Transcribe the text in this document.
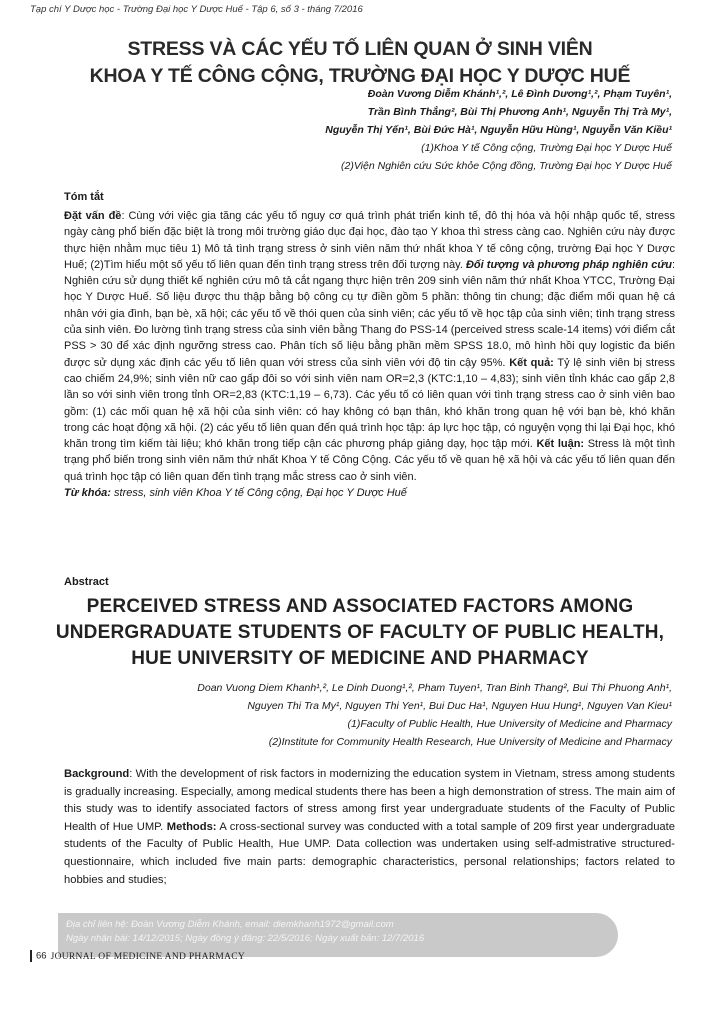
Tạp chí Y Dược học - Trường Đại học Y Dược Huế - Tập 6, số 3 - tháng 7/2016
STRESS VÀ CÁC YẾU TỐ LIÊN QUAN Ở SINH VIÊN
KHOA Y TẾ CÔNG CỘNG, TRƯỜNG ĐẠI HỌC Y DƯỢC HUẾ
Đoàn Vương Diễm Khánh¹,², Lê Đình Dương¹,², Phạm Tuyên¹,
Trần Bình Thắng², Bùi Thị Phương Anh¹, Nguyễn Thị Trà My¹,
Nguyễn Thị Yến¹, Bùi Đức Hà¹, Nguyễn Hữu Hùng¹, Nguyễn Văn Kiều¹
(1)Khoa Y tế Công cộng, Trường Đại học Y Dược Huế
(2)Viện Nghiên cứu Sức khỏe Cộng đồng, Trường Đại học Y Dược Huế
Tóm tắt
Đặt vấn đề: Cùng với việc gia tăng các yếu tố nguy cơ quá trình phát triển kinh tế, đô thị hóa và hội nhập quốc tế, stress ngày càng phổ biến đặc biệt là trong môi trường giáo dục đại học, đào tạo Y khoa thì stress càng cao. Nghiên cứu này được thực hiện nhằm mục tiêu 1) Mô tả tình trạng stress ở sinh viên năm thứ nhất khoa Y tế công cộng, trường Đại học Y Dược Huế; (2)Tìm hiểu một số yếu tố liên quan đến tình trạng stress trên đối tượng này. Đối tượng và phương pháp nghiên cứu: Nghiên cứu sử dụng thiết kế nghiên cứu mô tả cắt ngang thực hiện trên 209 sinh viên năm thứ nhất Khoa YTCC, Trường Đại học Y Dược Huế. Số liệu được thu thập bằng bộ công cụ tự điền gồm 5 phần: thông tin chung; đặc điểm mối quan hệ cá nhân với gia đình, bạn bè, xã hội; các yếu tố về thói quen của sinh viên; các yếu tố về học tập của sinh viên; tình trạng stress của sinh viên. Đo lường tình trạng stress của sinh viên bằng Thang đo PSS-14 (perceived stress scale-14 items) với điểm cắt PSS > 30 để xác định ngưỡng stress cao. Phân tích số liệu bằng phần mềm SPSS 18.0, mô hình hồi quy logistic đa biến được sử dụng xác định các yếu tố liên quan với stress của sinh viên với độ tin cậy 95%. Kết quả: Tỷ lệ sinh viên bị stress cao chiếm 24,9%; sinh viên nữ cao gấp đôi so với sinh viên nam OR=2,3 (KTC:1,10 – 4,83); sinh viên tỉnh khác cao gấp 2,8 lần so với sinh viên trong tỉnh OR=2,83 (KTC:1,19 – 6,73). Các yếu tố có liên quan với tình trạng stress cao ở sinh viên bao gồm: (1) các mối quan hệ xã hội của sinh viên: có hay không có bạn thân, khó khăn trong quan hệ với bạn bè, khó khăn trong các hoạt động xã hội. (2) các yếu tố liên quan đến quá trình học tập: áp lực học tập, có nguyện vọng thi lại Đại học, khó khăn trong tìm kiếm tài liệu; khó khăn trong tiếp cận các phương pháp giảng dạy, học tập mới. Kết luận: Stress là một tình trạng phổ biến trong sinh viên năm thứ nhất Khoa Y tế Công Cộng. Các yếu tố về quan hệ xã hội và các yếu tố liên quan đến quá trình học tập có liên quan đến tình trạng mắc stress cao ở sinh viên.
Từ khóa: stress, sinh viên Khoa Y tế Công cộng, Đại học Y Dược Huế
Abstract
PERCEIVED STRESS AND ASSOCIATED FACTORS AMONG
UNDERGRADUATE STUDENTS OF FACULTY OF PUBLIC HEALTH,
HUE UNIVERSITY OF MEDICINE AND PHARMACY
Doan Vuong Diem Khanh¹,², Le Dinh Duong¹,², Pham Tuyen¹, Tran Binh Thang², Bui Thi Phuong Anh¹,
Nguyen Thi Tra My¹, Nguyen Thi Yen¹, Bui Duc Ha¹, Nguyen Huu Hung¹, Nguyen Van Kieu¹
(1)Faculty of Public Health, Hue University of Medicine and Pharmacy
(2)Institute for Community Health Research, Hue University of Medicine and Pharmacy
Background: With the development of risk factors in modernizing the education system in Vietnam, stress among students is gradually increasing. Especially, among medical students there has been a high demonstration of stress. The main aim of this study was to identify associated factors of stress among first year undergraduate students of the Faculty of Public Health of Hue UMP. Methods: A cross-sectional survey was conducted with a total sample of 209 first year undergraduate students of the Faculty of Public Health, Hue UMP. Data collection was undertaken using self-admistrative structured-questionnaire, which included five main parts: demographic characteristics, personal relationships; factors related to hobbies and studies;
Địa chỉ liên hệ: Đoàn Vương Diễm Khánh, email: diemkhanh1972@gmail.com
Ngày nhận bài: 14/12/2015; Ngày đồng ý đăng: 22/5/2016; Ngày xuất bản: 12/7/2016
66 JOURNAL OF MEDICINE AND PHARMACY
